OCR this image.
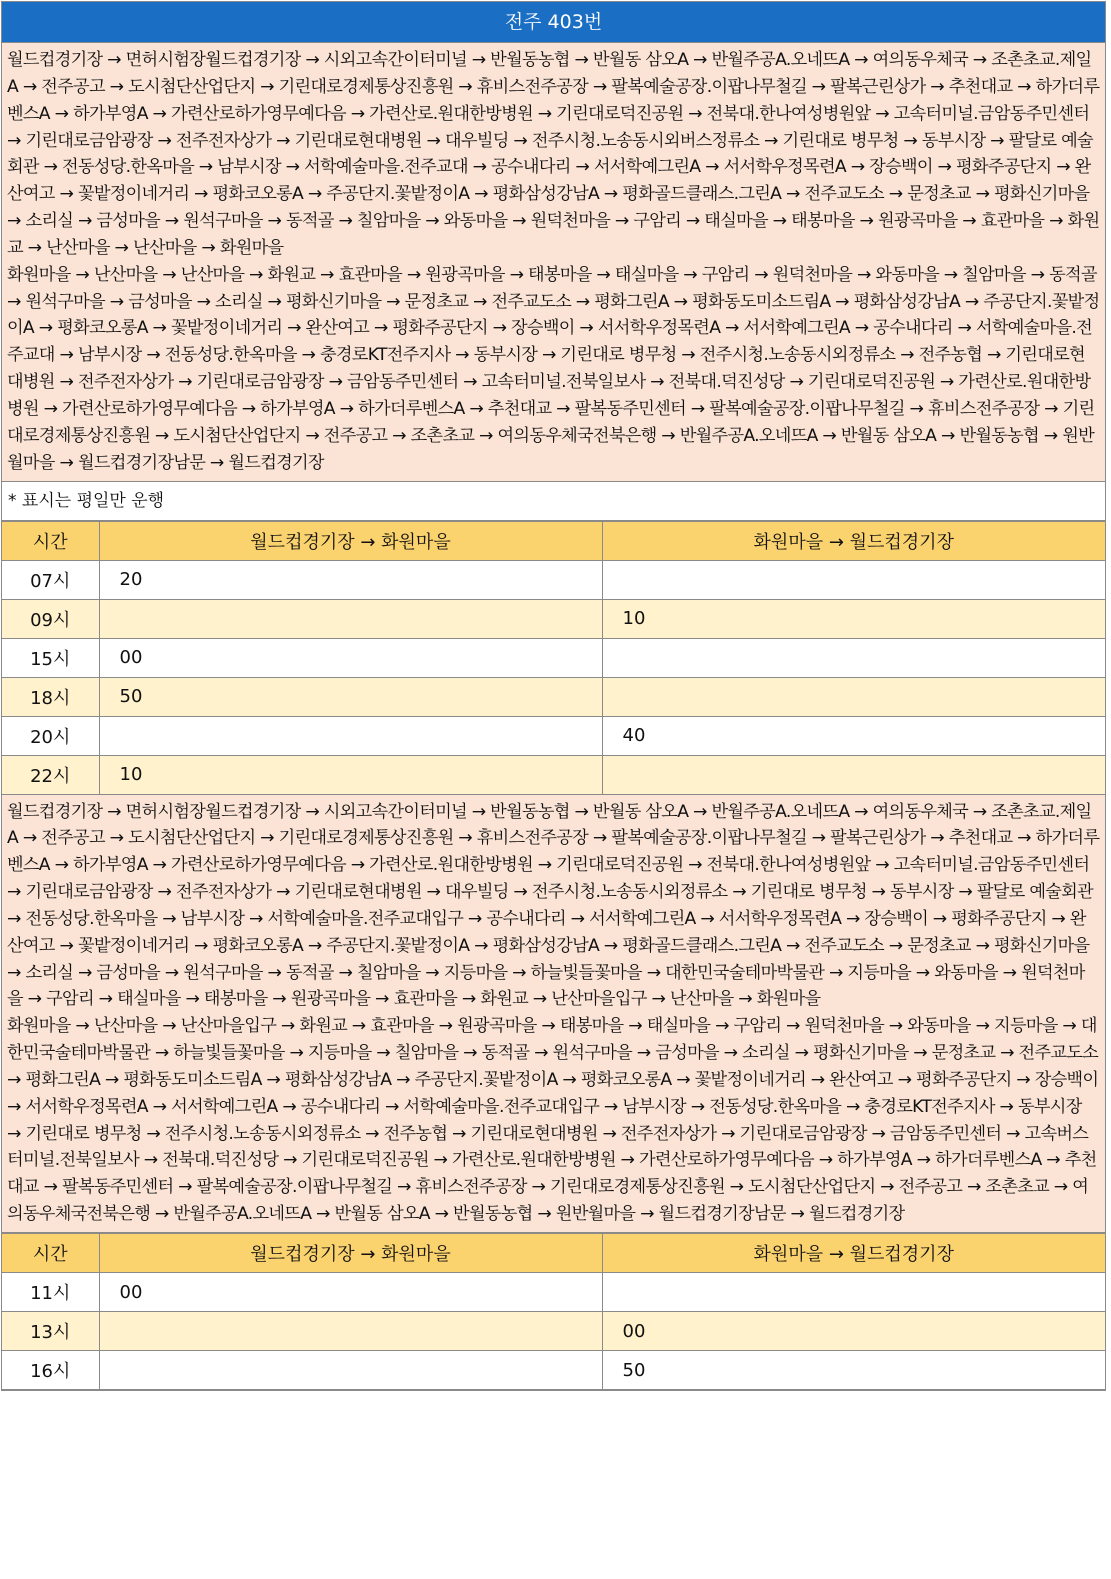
전주 403번

월드컵경기장 → 면허시험장월드컵경기장 → 시외고속간이터미널 → 반월동농협 → 반월동 삼오A → 반월주공A.오네뜨A → 여의동우체국 → 조촌초교.제일A → 전주공고 → 도시첨단산업단지 → 기린대로경제통상진흥원 → 휴비스전주공장 → 팔복예술공장.이팝나무철길 → 팔복근린상가 → 추천대교 → 하가더루벤스A → 하가부영A → 가련산로하가영무예다음 → 가련산로.원대한방병원 → 기린대로덕진공원 → 전북대.한나여성병원앞 → 고속터미널.금암동주민센터 → 기린대로금암광장 → 전주전자상가 → 기린대로현대병원 → 대우빌딩 → 전주시청.노송동시외버스정류소 → 기린대로 병무청 → 동부시장 → 팔달로 예술회관 → 전동성당.한옥마을 → 남부시장 → 서학예술마을.전주교대 → 공수내다리 → 서서학예그린A → 서서학우정목련A → 장승백이 → 평화주공단지 → 완산여고 → 꽃밭정이네거리 → 평화코오롱A → 주공단지.꽃밭정이A → 평화삼성강남A → 평화골드클래스.그린A → 전주교도소 → 문정초교 → 평화신기마을 → 소리실 → 금성마을 → 원석구마을 → 동적골 → 칠암마을 → 와동마을 → 원덕천마을 → 구암리 → 태실마을 → 태봉마을 → 원광곡마을 → 효관마을 → 화원교 → 난산마을 → 난산마을 → 화원마을

화원마을 → 난산마을 → 난산마을 → 화원교 → 효관마을 → 원광곡마을 → 태봉마을 → 태실마을 → 구암리 → 원덕천마을 → 와동마을 → 칠암마을 → 동적골 → 원석구마을 → 금성마을 → 소리실 → 평화신기마을 → 문정초교 → 전주교도소 → 평화그린A → 평화동도미소드림A → 평화삼성강남A → 주공단지.꽃밭정이A → 평화코오롱A → 꽃밭정이네거리 → 완산여고 → 평화주공단지 → 장승백이 → 서서학우정목련A → 서서학예그린A → 공수내다리 → 서학예술마을.전주교대 → 남부시장 → 전동성당.한옥마을 → 충경로KT전주지사 → 동부시장 → 기린대로 병무청 → 전주시청.노송동시외정류소 → 전주농협 → 기린대로현대병원 → 전주전자상가 → 기린대로금암광장 → 금암동주민센터 → 고속터미널.전북일보사 → 전북대.덕진성당 → 기린대로덕진공원 → 가련산로.원대한방병원 → 가련산로하가영무예다음 → 하가부영A → 하가더루벤스A → 추천대교 → 팔복동주민센터 → 팔복예술공장.이팝나무철길 → 휴비스전주공장 → 기린대로경제통상진흥원 → 도시첨단산업단지 → 전주공고 → 조촌초교 → 여의동우체국전북은행 → 반월주공A.오네뜨A → 반월동 삼오A → 반월동농협 → 원반월마을 → 월드컵경기장남문 → 월드컵경기장

* 표시는 평일만 운행
시간	월드컵경기장 → 화원마을	화원마을 → 월드컵경기장
07시	20	
09시		10
15시	00	
18시	50	
20시		40
22시	10	

월드컵경기장 → 면허시험장월드컵경기장 → 시외고속간이터미널 → 반월동농협 → 반월동 삼오A → 반월주공A.오네뜨A → 여의동우체국 → 조촌초교.제일A → 전주공고 → 도시첨단산업단지 → 기린대로경제통상진흥원 → 휴비스전주공장 → 팔복예술공장.이팝나무철길 → 팔복근린상가 → 추천대교 → 하가더루벤스A → 하가부영A → 가련산로하가영무예다음 → 가련산로.원대한방병원 → 기린대로덕진공원 → 전북대.한나여성병원앞 → 고속터미널.금암동주민센터 → 기린대로금암광장 → 전주전자상가 → 기린대로현대병원 → 대우빌딩 → 전주시청.노송동시외정류소 → 기린대로 병무청 → 동부시장 → 팔달로 예술회관 → 전동성당.한옥마을 → 남부시장 → 서학예술마을.전주교대입구 → 공수내다리 → 서서학예그린A → 서서학우정목련A → 장승백이 → 평화주공단지 → 완산여고 → 꽃밭정이네거리 → 평화코오롱A → 주공단지.꽃밭정이A → 평화삼성강남A → 평화골드클래스.그린A → 전주교도소 → 문정초교 → 평화신기마을 → 소리실 → 금성마을 → 원석구마을 → 동적골 → 칠암마을 → 지등마을 → 하늘빛들꽃마을 → 대한민국술테마박물관 → 지등마을 → 와동마을 → 원덕천마을 → 구암리 → 태실마을 → 태봉마을 → 원광곡마을 → 효관마을 → 화원교 → 난산마을입구 → 난산마을 → 화원마을

화원마을 → 난산마을 → 난산마을입구 → 화원교 → 효관마을 → 원광곡마을 → 태봉마을 → 태실마을 → 구암리 → 원덕천마을 → 와동마을 → 지등마을 → 대한민국술테마박물관 → 하늘빛들꽃마을 → 지등마을 → 칠암마을 → 동적골 → 원석구마을 → 금성마을 → 소리실 → 평화신기마을 → 문정초교 → 전주교도소 → 평화그린A → 평화동도미소드림A → 평화삼성강남A → 주공단지.꽃밭정이A → 평화코오롱A → 꽃밭정이네거리 → 완산여고 → 평화주공단지 → 장승백이 → 서서학우정목련A → 서서학예그린A → 공수내다리 → 서학예술마을.전주교대입구 → 남부시장 → 전동성당.한옥마을 → 충경로KT전주지사 → 동부시장 → 기린대로 병무청 → 전주시청.노송동시외정류소 → 전주농협 → 기린대로현대병원 → 전주전자상가 → 기린대로금암광장 → 금암동주민센터 → 고속버스터미널.전북일보사 → 전북대.덕진성당 → 기린대로덕진공원 → 가련산로.원대한방병원 → 가련산로하가영무예다음 → 하가부영A → 하가더루벤스A → 추천대교 → 팔복동주민센터 → 팔복예술공장.이팝나무철길 → 휴비스전주공장 → 기린대로경제통상진흥원 → 도시첨단산업단지 → 전주공고 → 조촌초교 → 여의동우체국전북은행 → 반월주공A.오네뜨A → 반월동 삼오A → 반월동농협 → 원반월마을 → 월드컵경기장남문 → 월드컵경기장

시간	월드컵경기장 → 화원마을	화원마을 → 월드컵경기장
11시	00	
13시		00
16시		50
